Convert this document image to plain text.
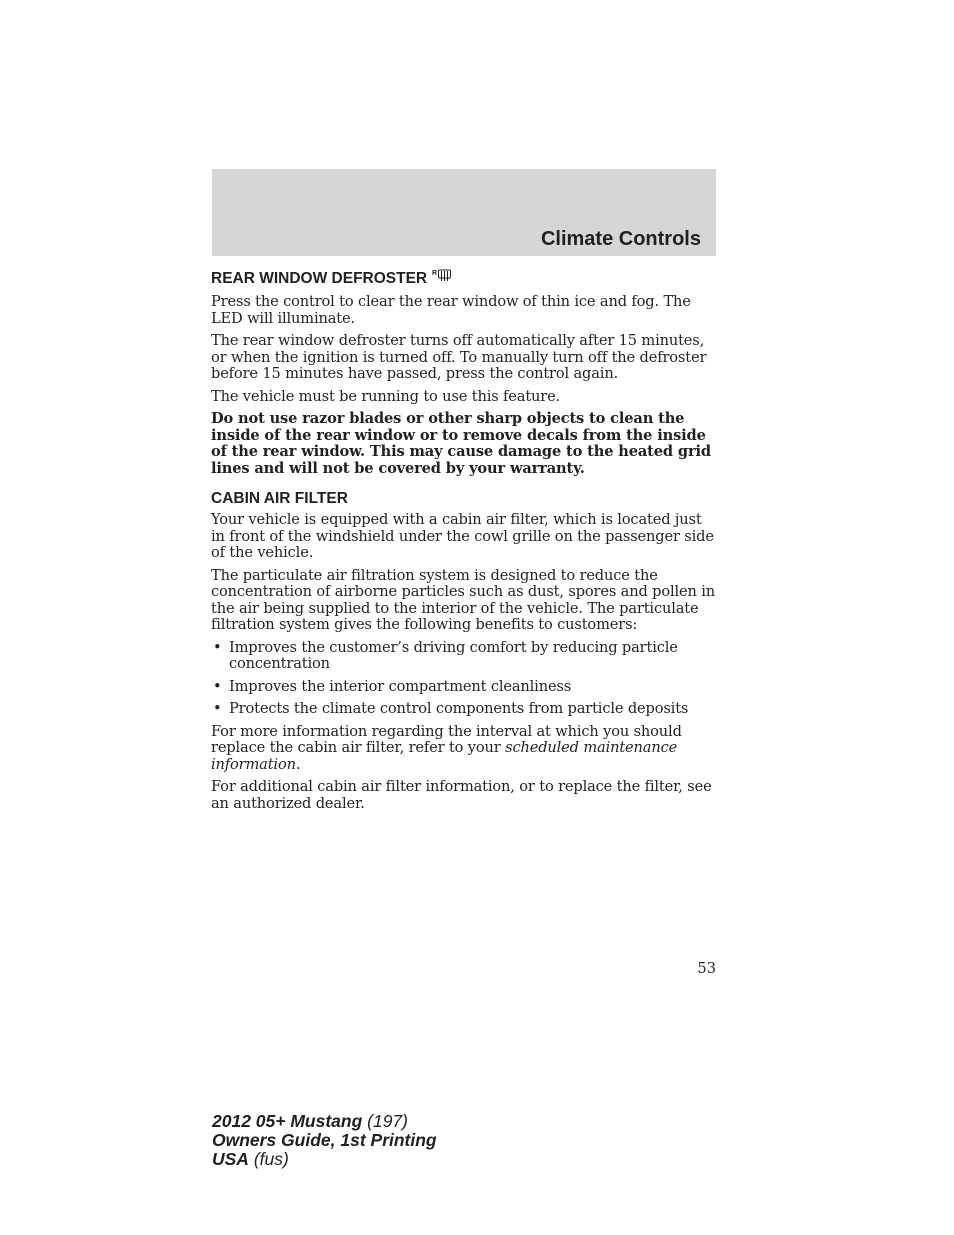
Climate Controls
REAR WINDOW DEFROSTER R

Press the control to clear the rear window of thin ice and fog. The LED will illuminate.

The rear window defroster turns off automatically after 15 minutes, or when the ignition is turned off. To manually turn off the defroster before 15 minutes have passed, press the control again.

The vehicle must be running to use this feature.

Do not use razor blades or other sharp objects to clean the inside of the rear window or to remove decals from the inside of the rear window. This may cause damage to the heated grid lines and will not be covered by your warranty.

CABIN AIR FILTER

Your vehicle is equipped with a cabin air filter, which is located just in front of the windshield under the cowl grille on the passenger side of the vehicle.

The particulate air filtration system is designed to reduce the concentration of airborne particles such as dust, spores and pollen in the air being supplied to the interior of the vehicle. The particulate filtration system gives the following benefits to customers:

• Improves the customer’s driving comfort by reducing particle concentration
• Improves the interior compartment cleanliness
• Protects the climate control components from particle deposits

For more information regarding the interval at which you should replace the cabin air filter, refer to your scheduled maintenance information.

For additional cabin air filter information, or to replace the filter, see an authorized dealer.

53
2012 05+ Mustang (197)
Owners Guide, 1st Printing
USA (fus)
